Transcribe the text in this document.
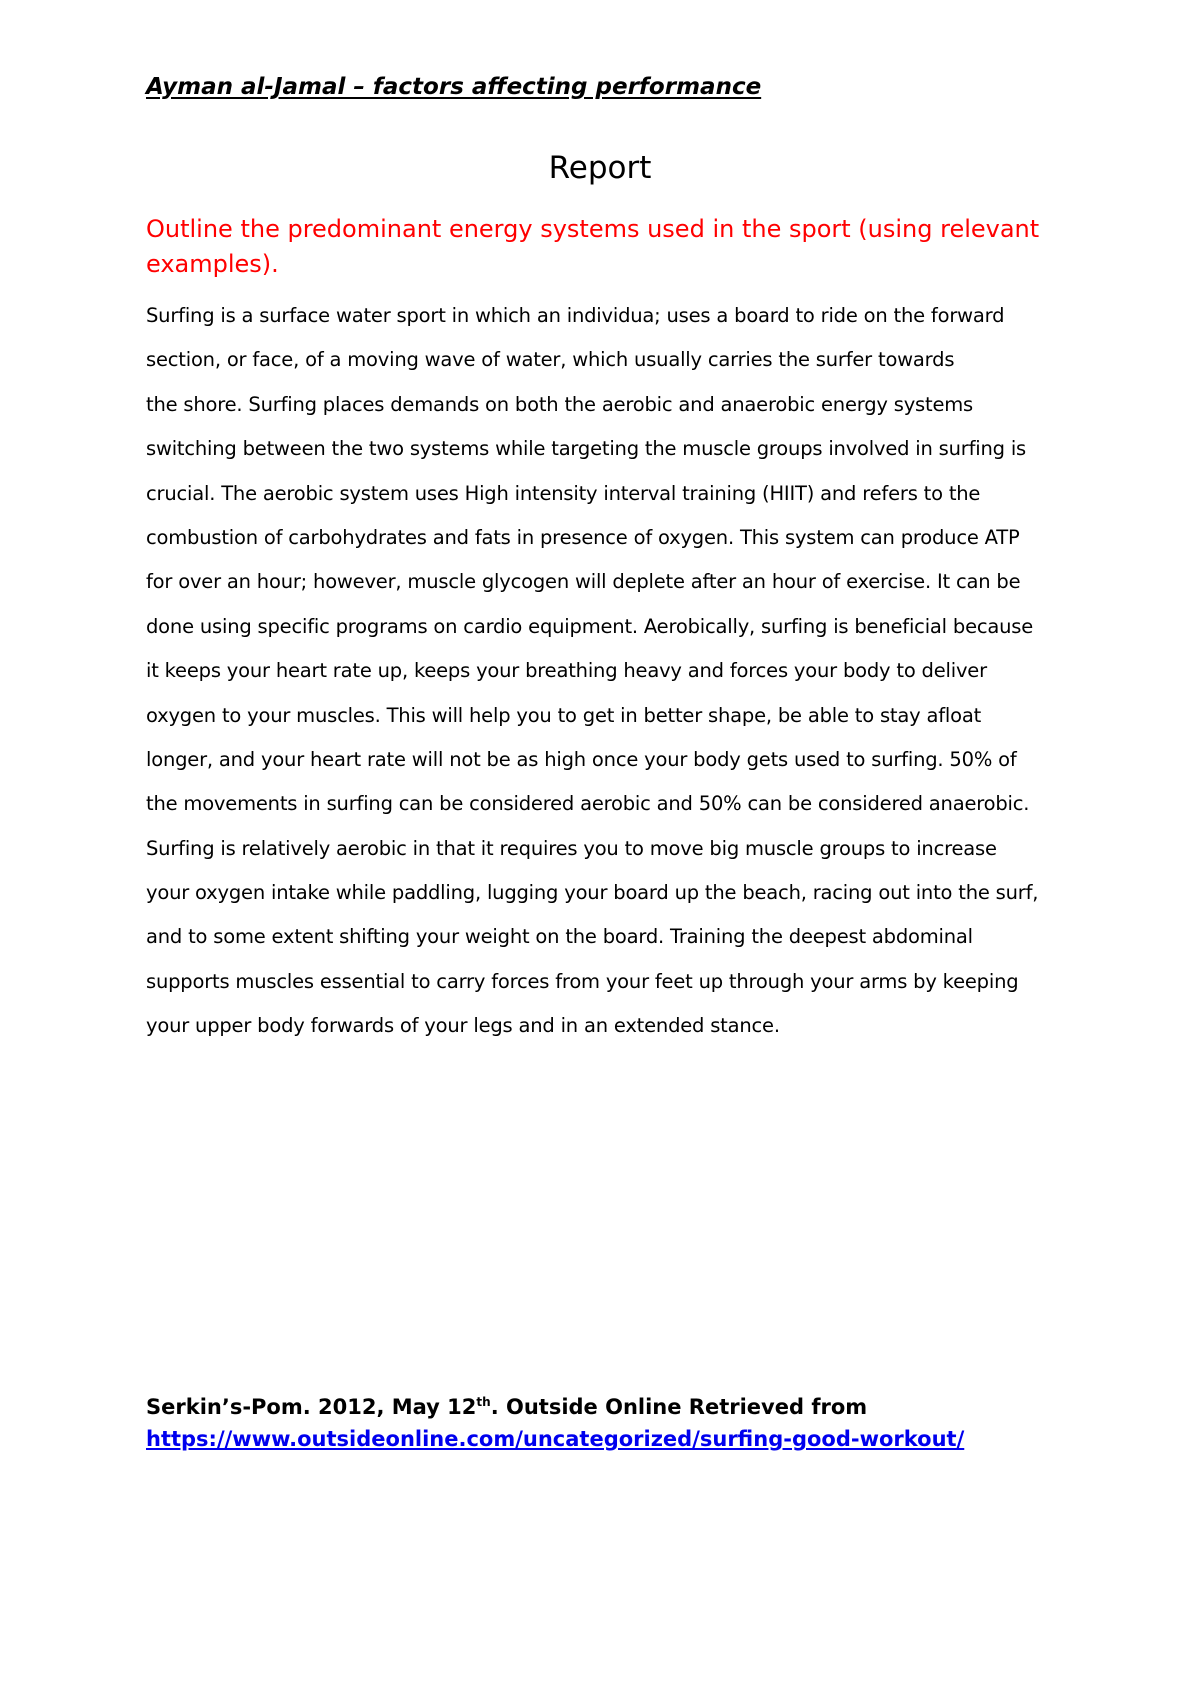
Ayman al-Jamal – factors affecting performance
Report
Outline the predominant energy systems used in the sport (using relevant examples).
Surfing is a surface water sport in which an individua; uses a board to ride on the forward
section, or face, of a moving wave of water, which usually carries the surfer towards
the shore. Surfing places demands on both the aerobic and anaerobic energy systems
switching between the two systems while targeting the muscle groups involved in surfing is
crucial. The aerobic system uses High intensity interval training (HIIT) and refers to the
combustion of carbohydrates and fats in presence of oxygen. This system can produce ATP
for over an hour; however, muscle glycogen will deplete after an hour of exercise. It can be
done using specific programs on cardio equipment. Aerobically, surfing is beneficial because
it keeps your heart rate up, keeps your breathing heavy and forces your body to deliver
oxygen to your muscles. This will help you to get in better shape, be able to stay afloat
longer, and your heart rate will not be as high once your body gets used to surfing. 50% of
the movements in surfing can be considered aerobic and 50% can be considered anaerobic.
Surfing is relatively aerobic in that it requires you to move big muscle groups to increase
your oxygen intake while paddling, lugging your board up the beach, racing out into the surf,
and to some extent shifting your weight on the board. Training the deepest abdominal
supports muscles essential to carry forces from your feet up through your arms by keeping
your upper body forwards of your legs and in an extended stance.
Serkin’s-Pom. 2012, May 12th. Outside Online Retrieved from
https://www.outsideonline.com/uncategorized/surfing-good-workout/
